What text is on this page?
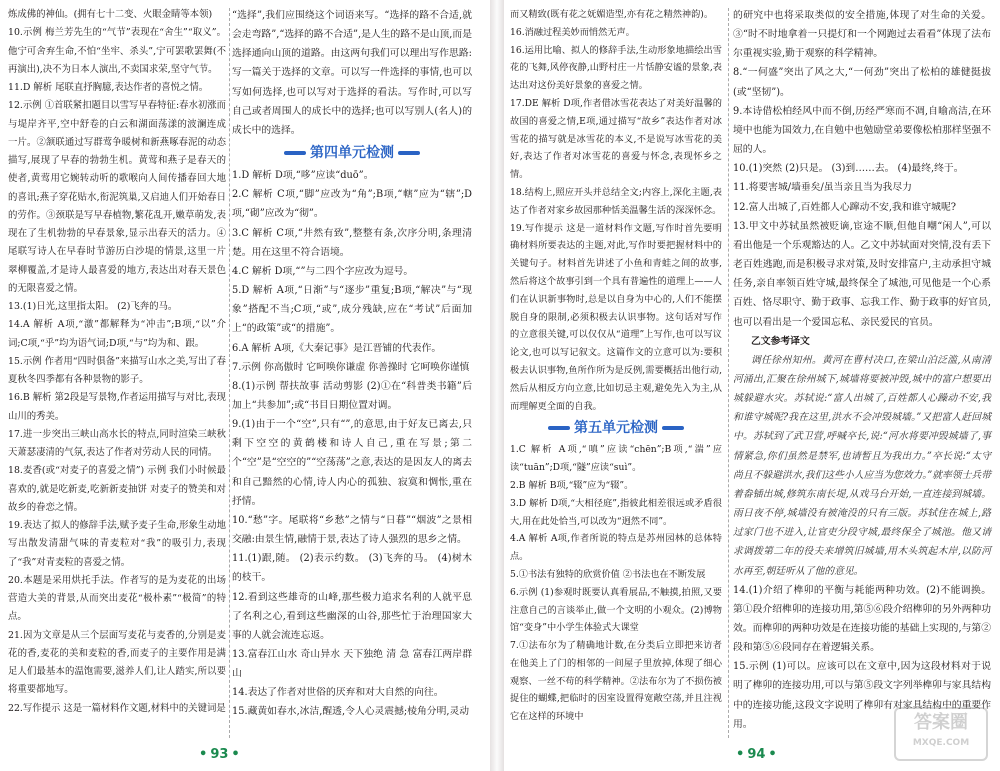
炼成佛的神仙。(拥有七十二变、火眼金睛等本领)

10.示例 梅兰芳先生的“气节”表现在“舍生”“取义”。他宁可舍弃生命,不怕“坐牢、杀头”,宁可罢歌罢舞(不再演出),决不为日本人演出,不卖国求荣,坚守气节。

11.D 解析 尾联直抒胸臆,表达作者的喜悦之情。

12.示例 ①首联紧扣题目以雪写早春特征:春水初涨而与堤岸齐平,空中舒卷的白云和湖面荡漾的波澜连成一片。②颔联通过写群莺争暖树和新燕啄春泥的动态描写,展现了早春的勃勃生机。黄莺和燕子是春天的使者,黄莺用它婉转动听的歌喉向人间传播春回大地的喜讯;燕子穿花贴水,衔泥筑巢,又启迪人们开始春日的劳作。③颈联是写早春植物,繁花乱开,嫩草萌发,表现在了生机勃勃的早春景象,显示出春天的活力。④尾联写诗人在早春时节游历白沙堤的情景,这里一片翠柳覆盖,才是诗人最喜爱的地方,表达出对春天景色的无限喜爱之情。

13.(1)日光,这里指太阳。 (2)飞奔的马。

14.A 解析 A项,“激”都解释为“冲击”;B项,“以”介词;C项,“乎”均为语气词;D项,“与”均为和、跟。

15.示例 作者用“四时俱备”来描写山水之美,写出了春夏秋冬四季都有各种景物的影子。

16.B 解析 第2段是写景物,作者运用描写与对比,表现山川的秀美。

17.进一步突出三峡山高水长的特点,同时渲染三峡秋天萧瑟凄清的气氛,表达了作者对劳动人民的同情。

18.麦香(或“对麦子的喜爱之情”) 示例 我们小时候最喜欢的,就是吃新麦,吃新新麦抽饼 对麦子的赞美和对故乡的眷恋之情。

19.表达了拟人的修辞手法,赋予麦子生命,形象生动地写出散发清甜气味的青麦粒对“我”的吸引力,表现了“我”对青麦粒的喜爱之情。

20.本题是采用烘托手法。作者写的是为麦花的出场营造大美的背景,从而突出麦花“极朴素”“极简”的特点。

21.因为文章是从三个层面写麦花与麦香的,分别是麦花的香,麦花的美和麦粒的香,而麦子的主要作用是满足人们最基本的温饱需要,滋养人们,让人踏实,所以要将重要都地写。

22.写作提示 这是一篇材料作文题,材料中的关键词是

“选择”,我们应围绕这个词语来写。“选择的路不合适,就会走弯路”,“选择的路不合适”,是人生的路不是山顶,而是选择通向山顶的道路。由这两句我们可以理出写作思路:写一篇关于选择的文章。可以写一件选择的事情,也可以写如何选择,也可以写对于选择的看法。写作时,可以写自己或者周围人的成长中的选择;也可以写别人(名人)的成长中的选择。

第四单元检测

1.D 解析 D项,“哆”应读“duō”。

2.C 解析 C项,“脚”应改为“角”;B项,“轄”应为“辖”;D项,“砌”应改为“彻”。

3.C 解析 C项,“井然有致”,整整有条,次序分明,条理清楚。用在这里不符合语境。

4.C 解析 D项,“”与二四个字应改为逗号。

5.D 解析 A项,“日渐”与“逐步”重复;B项,“解决”与“现象”搭配不当;C项,“或”,成分残缺,应在“考试”后面加上“的政策”或“的措施”。

6.A 解析 A项,《大秦记事》是江晋铺的代表作。

7.示例 你高傲时 它呵唤你谦虚 你善操时 它呵唤你谨慎

8.(1)示例 帮扶故事 活动剪影 (2)①在“科普类书籍”后加上“共参加”;或“书目日期位置对调。

9.(1)由于一个“空”,只有“”,的意思,由于好友已离去,只剩下空空的黄鹤楼和诗人自己,重在写景;第二个“空”是“空空的”“空荡荡”之意,表达的是因友人的离去和自己黯然的心情,诗人内心的孤独、寂寞和惆怅,重在抒情。

10.“愁”字。尾联将“乡愁”之情与“日暮”“烟波”之景相交融:由景生情,融情于景,表达了诗人强烈的思乡之情。

11.(1)跟,随。 (2)表示约数。 (3)飞奔的马。 (4)树木的枝干。

12.看到这些雄奇的山峰,那些极力追求名利的人就平息了名利之心,看到这些幽深的山谷,那些忙于治理国家大事的人就会流连忘返。

13.富春江山水 奇山异水 天下独绝 清 急 富春江两岸群山

14.表达了作者对世俗的厌弃和对大自然的向往。

15.藏黄如春水,冰洁,醒透,令人心灵震撼;棱角分明,灵动

而又精致(既有花之妩媚造型,亦有花之精然神韵)。

16.消融过程美妙而悄然无声。

16.运用比喻、拟人的修辞手法,生动形象地描绘出雪花的飞舞,风停夜静,山野村庄一片恬静安谧的景象,表达出对这份美好景象的喜爱之情。

17.DE 解析 D项,作者借冰雪花表达了对美好温馨的故国的喜爱之情,E项,通过描写“故乡”表达作者对冰雪花的描写就是冰雪花的本义,不是说写冰雪花的美好,表达了作者对冰雪花的喜爱与怀念,表现怀乡之情。

18.结构上,照应开头并总结全文;内容上,深化主题,表达了作者对家乡故园那种恬美温馨生活的深深怀念。

19.写作提示 这是一道材料作文题,写作时首先要明确材料所要表达的主题,对此,写作时要把握材料中的关键句子。材料首先讲述了小鱼和青蛙之间的故事,然后将这个故事引到一个具有普遍性的道理上——人们在认识新事物时,总是以自身为中心的,人们不能摆脱自身的限制,必须积极去认识事物。这句话对写作的立意很关键,可以仅仅从“道理”上写作,也可以写议论文,也可以写记叙文。这篇作文的立意可以为:要积极去认识事物,鱼所作所为是反例,需要概括出他行动,然后从相反方向立意,比如切忌主观,避免先入为主,从而理解更全面的自我。

第五单元检测

1.C 解析 A项,“嗔”应读“chēn”;B项,“湍”应读“tuān”;D项,“隧”应读“suì”。

2.B 解析 B项,“辍”应为“辍”。

3.D 解析 D项,“大相径庭”,指彼此相差很远或矛盾很大,用在此处恰当,可以改为“迥然不同”。

4.A 解析 A项,作者所说的特点是苏州园林的总体特点。

5.①书法有独特的欣赏价值 ②书法也在不断发展

6.示例 (1)参观时既要认真看展品,不触摸,拍照,又要注意自己的言谈举止,做一个文明的小观众。(2)博物馆“变身”中小学生体验式大课堂

7.①法布尔为了精确地计数,在分类后立即把来访者在他美上了门的相邻的一间屋子里放掉,体现了细心观察、一丝不苟的科学精神。②法布尔为了不损伤被捉住的蝴蝶,把临时的因室设置得宽敞空荡,并且注视它在这样的环境中

的研究中也将采取类似的安全措施,体现了对生命的关爱。③“时不时地拿着一只提灯和一个网跑过去看看”体现了法布尔重视实验,勤于观察的科学精神。

8.“一何盛”突出了风之大,“一何劲”突出了松柏的雄健挺拔(或“坚韧”)。

9.本诗借松柏经风中而不倒,历经严寒而不凋,自喻高洁,在环境中也能为国效力,在自勉中也勉励堂弟要像松柏那样坚强不屈的人。

10.(1)突然 (2)只是。 (3)到……去。 (4)最终,终于。

11.将要害城/墙垂矣/虽当亲且当为我尽力

12.富人出城了,百姓都人心蹿动不安,我和谁守城呢?

13.甲文中苏轼虽然被贬谪,宦途不顺,但他自嘲“闲人”,可以看出他是一个乐观豁达的人。乙文中苏轼面对突情,没有丢下老百姓逃跑,而是积极寻求对策,及时安排富户,主动承担守城任务,亲自率领百姓守城,最终保全了城池,可见他是一个心系百姓、恪尽职守、勤于政事、忘我工作、勤于政事的好官员,也可以看出是一个爱国忘私、亲民爱民的官员。

乙文参考译文

调任徐州知州。黄河在曹村决口,在梁山泊泛滥,从南清河涌出,汇聚在徐州城下,城墙将要被冲毁,城中的富户想要出城躲避水灾。苏轼说:“富人出城了,百姓都人心躁动不安,我和谁守城呢?我在这里,洪水不会冲毁城墙。”又把富人赶回城中。苏轼到了武卫营,呼喊卒长,说:“河水将要冲毁城墙了,事情紧急,你们虽然是禁军,也请暂且为我出力。”卒长说:“太守尚且不躲避洪水,我们这些小人应当为您效力。”就率领士兵带着畚锸出城,修筑东南长堤,从戏马台开始,一直连接到城墙。雨日夜不停,城墙没有被淹没的只有三版。苏轼住在城上,路过家门也不进入,让官吏分段守城,最终保全了城池。他又请求调拨第二年的役夫来增筑旧城墙,用木头筑起木岸,以防河水再至,朝廷听从了他的意见。

14.(1)介绍了榫卯的平衡与耗能两种功效。(2)不能调换。第①段介绍榫卯的连接功用,第⑤⑥段介绍榫卯的另外两种功效。而榫卯的两种功效是在连接功能的基础上实现的,与第②段和第⑤⑥段同存在着逻辑关系。

15.示例 (1)可以。应该可以在文章中,因为这段材料对于说明了榫卯的连接功用,可以与第⑤段文字列举榫卯与家具结构中的连接功能,这段文字说明了榫卯有对家具结构中的重要作用。

• 93 •	• 94 •
答案圈
MXQE.COM
